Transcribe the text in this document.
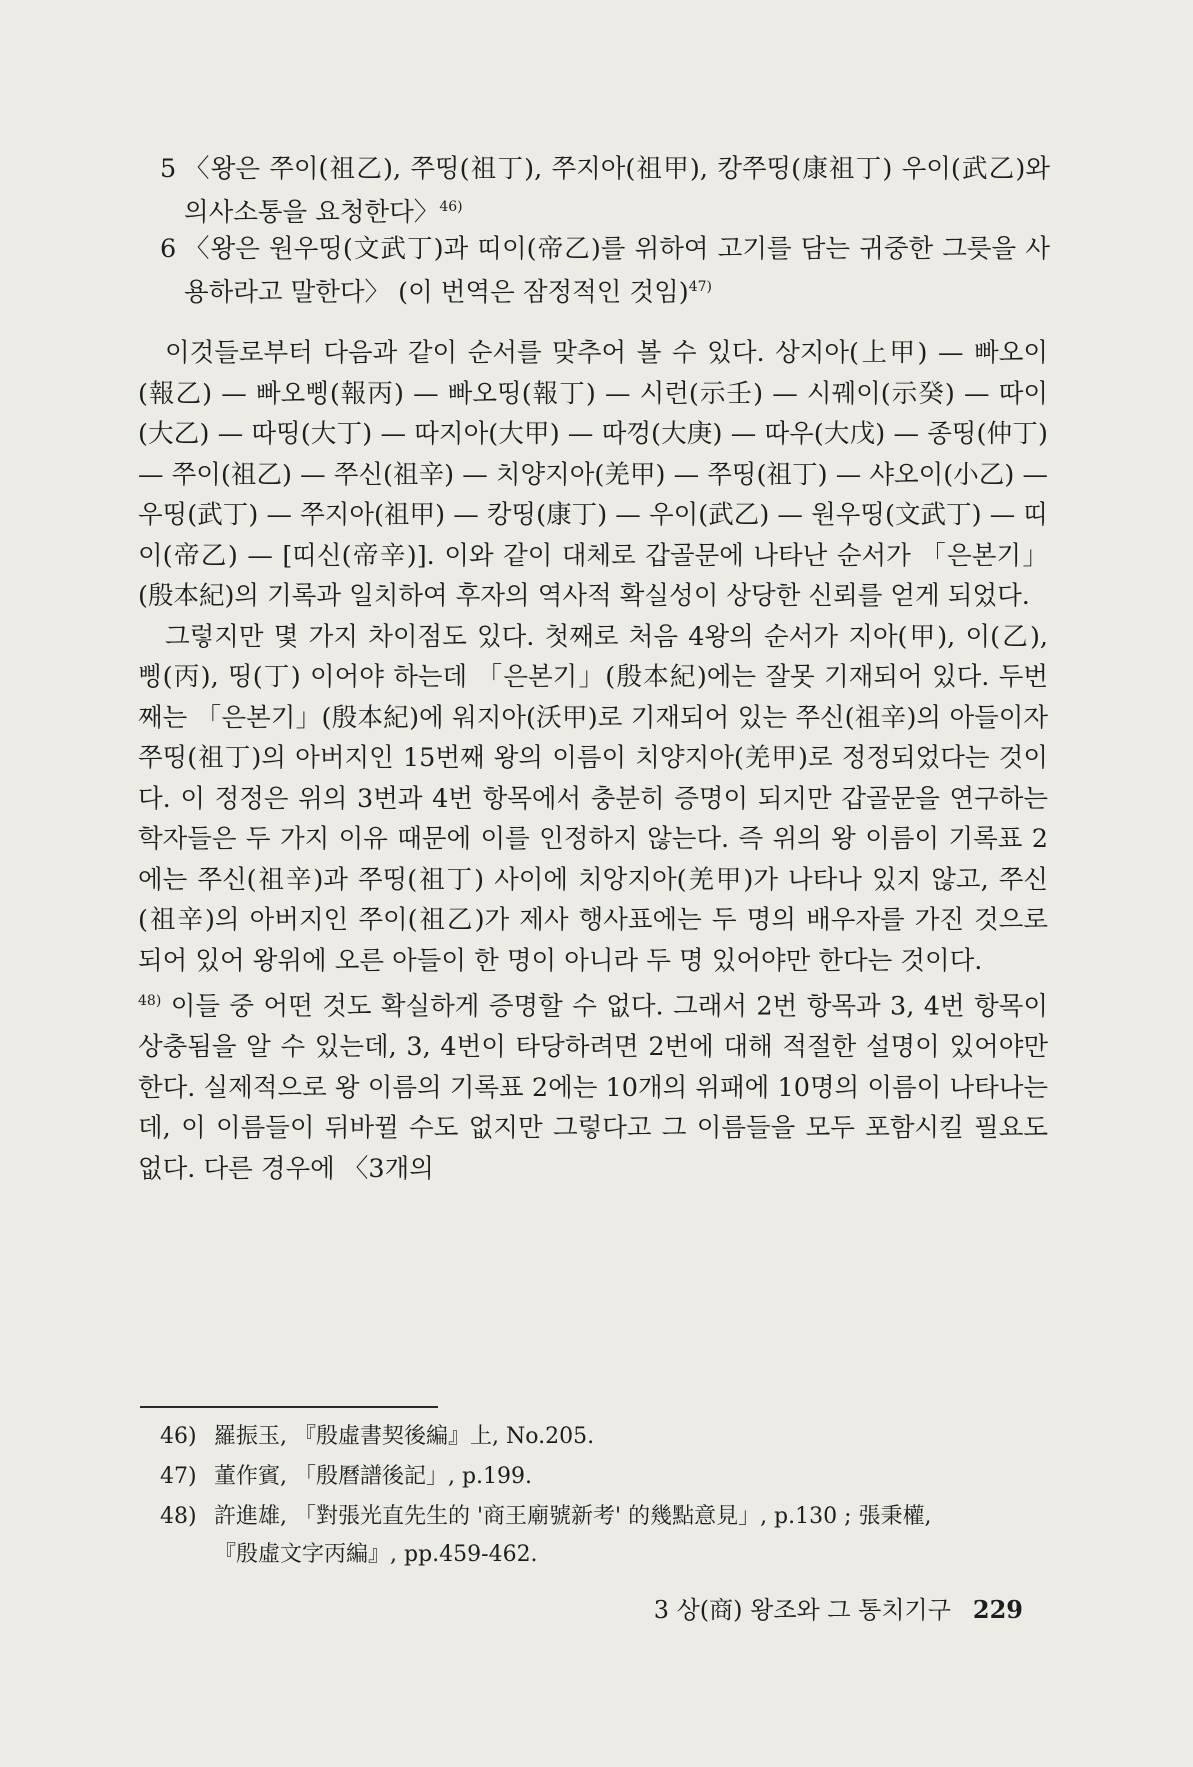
5 〈왕은 쭈이(祖乙), 쭈띵(祖丁), 쭈지아(祖甲), 캉쭈띵(康祖丁) 우이(武乙)와 의사소통을 요청한다〉$^{46)}$
6 〈왕은 원우띵(文武丁)과 띠이(帝乙)를 위하여 고기를 담는 귀중한 그릇을 사용하라고 말한다〉 (이 번역은 잠정적인 것임)$^{47)}$

이것들로부터 다음과 같이 순서를 맞추어 볼 수 있다. 상지아(上甲) — 빠오이(報乙) — 빠오삥(報丙) — 빠오띵(報丁) — 시런(示壬) — 시꿰이(示癸) — 따이(大乙) — 따띵(大丁) — 따지아(大甲) — 따껑(大庚) — 따우(大戊) — 종띵(仲丁) — 쭈이(祖乙) — 쭈신(祖辛) — 치양지아(羌甲) — 쭈띵(祖丁) — 샤오이(小乙) — 우띵(武丁) — 쭈지아(祖甲) — 캉띵(康丁) — 우이(武乙) — 원우띵(文武丁) — 띠이(帝乙) — [띠신(帝辛)]. 이와 같이 대체로 갑골문에 나타난 순서가 「은본기」(殷本紀)의 기록과 일치하여 후자의 역사적 확실성이 상당한 신뢰를 얻게 되었다.

그렇지만 몇 가지 차이점도 있다. 첫째로 처음 4왕의 순서가 지아(甲), 이(乙), 삥(丙), 띵(丁) 이어야 하는데 「은본기」(殷本紀)에는 잘못 기재되어 있다. 두번째는 「은본기」(殷本紀)에 워지아(沃甲)로 기재되어 있는 쭈신(祖辛)의 아들이자 쭈띵(祖丁)의 아버지인 15번째 왕의 이름이 치양지아(羌甲)로 정정되었다는 것이다. 이 정정은 위의 3번과 4번 항목에서 충분히 증명이 되지만 갑골문을 연구하는 학자들은 두 가지 이유 때문에 이를 인정하지 않는다. 즉 위의 왕 이름이 기록표 2에는 쭈신(祖辛)과 쭈띵(祖丁) 사이에 치앙지아(羌甲)가 나타나 있지 않고, 쭈신(祖辛)의 아버지인 쭈이(祖乙)가 제사 행사표에는 두 명의 배우자를 가진 것으로 되어 있어 왕위에 오른 아들이 한 명이 아니라 두 명 있어야만 한다는 것이다.

$^{48)}$ 이들 중 어떤 것도 확실하게 증명할 수 없다. 그래서 2번 항목과 3, 4번 항목이 상충됨을 알 수 있는데, 3, 4번이 타당하려면 2번에 대해 적절한 설명이 있어야만 한다. 실제적으로 왕 이름의 기록표 2에는 10개의 위패에 10명의 이름이 나타나는데, 이 이름들이 뒤바뀔 수도 없지만 그렇다고 그 이름들을 모두 포함시킬 필요도 없다. 다른 경우에 〈3개의

46) 羅振玉, 『殷虛書契後編』上, No.205.
47) 董作賓, 「殷曆譜後記」, p.199.
48) 許進雄, 「對張光直先生的 '商王廟號新考' 的幾點意見」, p.130 ; 張秉權,
『殷虛文字丙編』, pp.459-462.
3 상(商) 왕조와 그 통치기구 229
